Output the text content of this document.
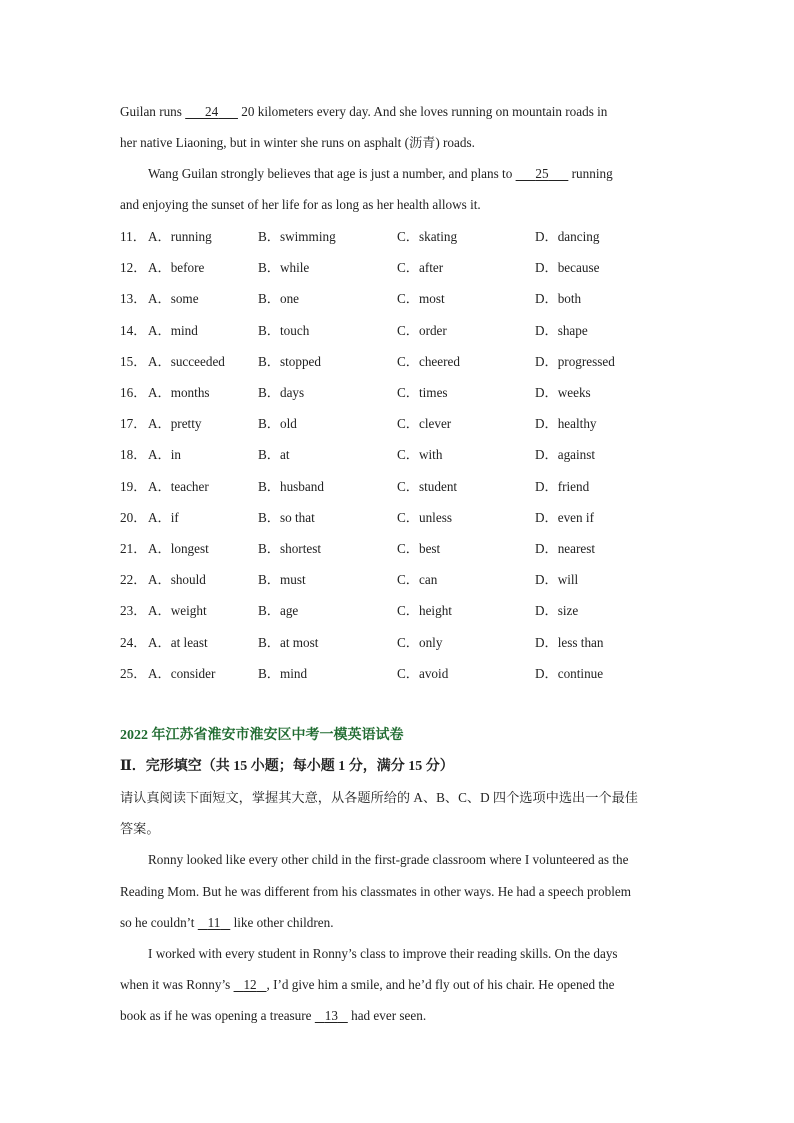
Guilan runs       24       20 kilometers every day. And she loves running on mountain roads in
her native Liaoning, but in winter she runs on asphalt (沥青) roads.
Wang Guilan strongly believes that age is just a number, and plans to       25       running
and enjoying the sunset of her life for as long as her health allows it.
11． A．running	B．swimming	C．skating	D．dancing
12． A．before	B．while	C．after	D．because
13． A．some	B．one	C．most	D．both
14． A．mind	B．touch	C．order	D．shape
15． A．succeeded	B．stopped	C．cheered	D．progressed
16． A．months	B．days	C．times	D．weeks
17． A．pretty	B．old	C．clever	D．healthy
18． A．in	B．at	C．with	D．against
19． A．teacher	B．husband	C．student	D．friend
20． A．if	B．so that	C．unless	D．even if
21． A．longest	B．shortest	C．best	D．nearest
22． A．should	B．must	C．can	D．will
23． A．weight	B．age	C．height	D．size
24． A．at least	B．at most	C．only	D．less than
25． A．consider	B．mind	C．avoid	D．continue
2022 年江苏省淮安市淮安区中考一模英语试卷
Ⅱ．完形填空（共 15 小题；每小题 1 分，满分 15 分）
请认真阅读下面短文，掌握其大意，从各题所给的 A、B、C、D 四个选项中选出一个最佳
答案。
Ronny looked like every other child in the first-grade classroom where I volunteered as the
Reading Mom. But he was different from his classmates in other ways. He had a speech problem
so he couldn’t    11    like other children.
I worked with every student in Ronny’s class to improve their reading skills. On the days
when it was Ronny’s    12 , I’d give him a smile, and he’d fly out of his chair. He opened the
book as if he was opening a treasure    13    had ever seen.
